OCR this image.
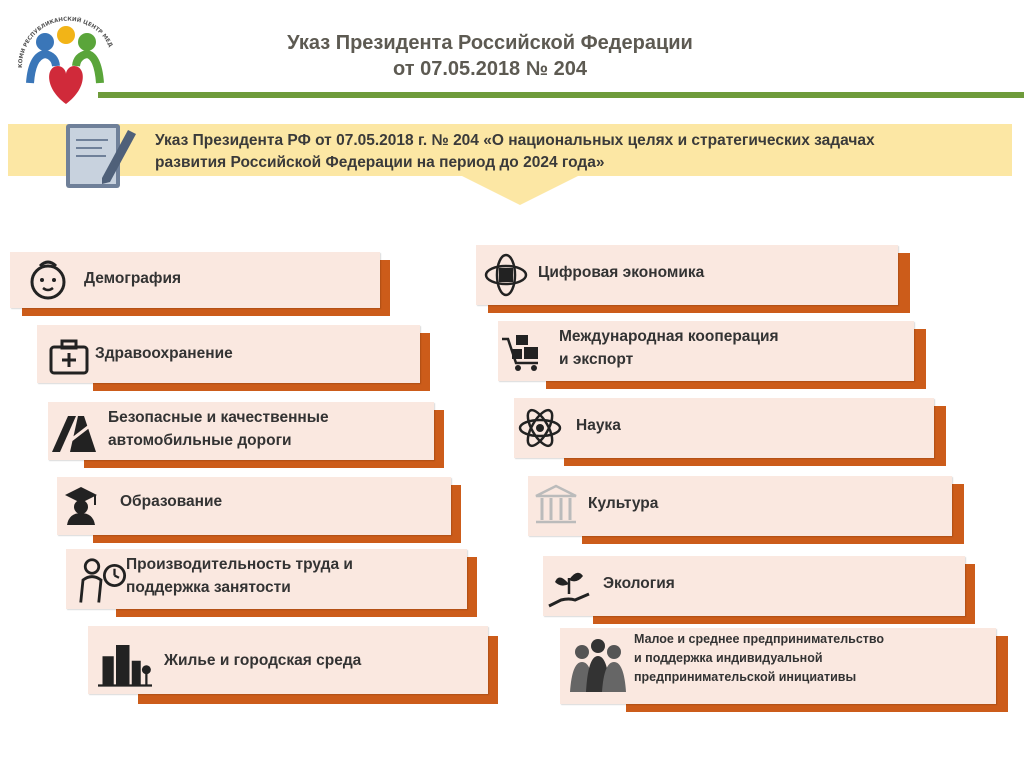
КОМИ РЕСПУБЛИКАНСКИЙ ЦЕНТР МЕД	Указ Президента Российской Федерации
от 07.05.2018 № 204
Указ Президента РФ от 07.05.2018 г. № 204 «О национальных целях и стратегических задачах
развития Российской Федерации на период до 2024 года»
Демография
Здравоохранение
Безопасные и качественные
автомобильные дороги
Образование
Производительность труда и
поддержка занятости
Жилье и городская среда
Цифровая экономика
Международная кооперация
и экспорт
Наука
Культура
Экология
Малое и среднее предпринимательство
и поддержка индивидуальной
предпринимательской инициативы
